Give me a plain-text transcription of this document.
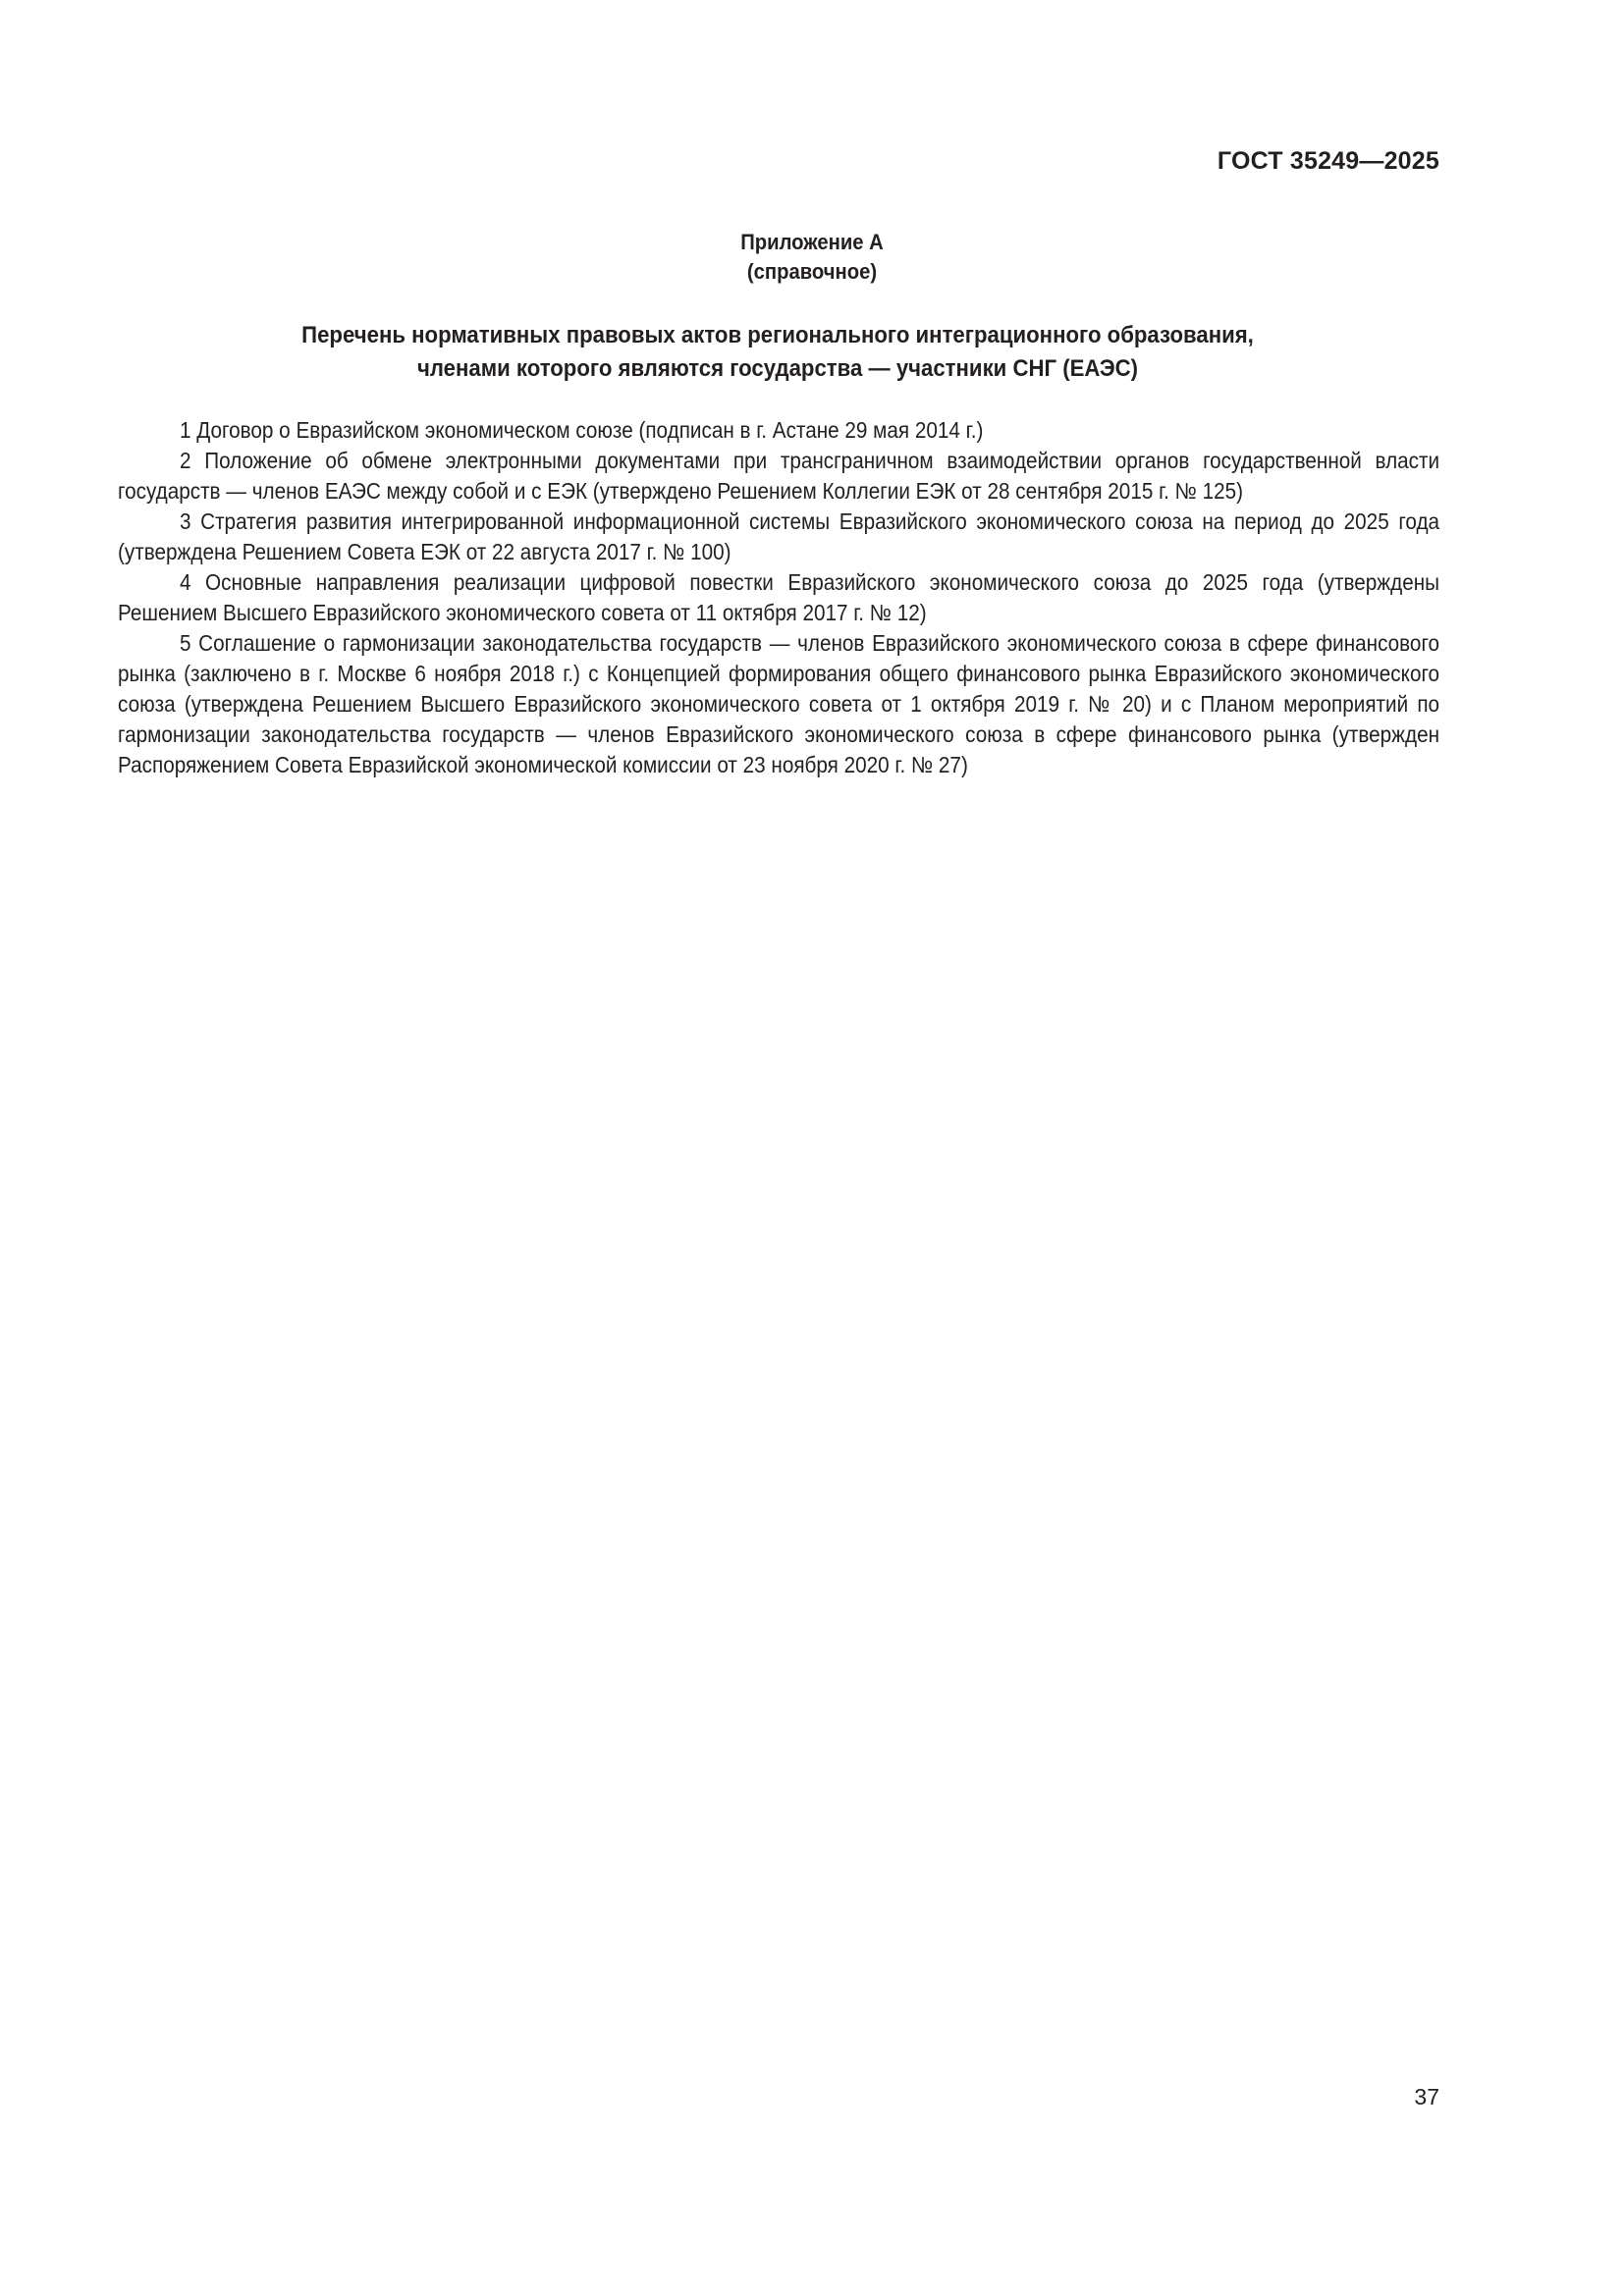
ГОСТ 35249—2025
Приложение А
(справочное)
Перечень нормативных правовых актов регионального интеграционного образования,
членами которого являются государства — участники СНГ (ЕАЭС)

1 Договор о Евразийском экономическом союзе (подписан в г. Астане 29 мая 2014 г.)

2 Положение об обмене электронными документами при трансграничном взаимодействии органов государственной власти государств — членов ЕАЭС между собой и с ЕЭК (утверждено Решением Коллегии ЕЭК от 28 сентября 2015 г. № 125)

3 Стратегия развития интегрированной информационной системы Евразийского экономического союза на период до 2025 года (утверждена Решением Совета ЕЭК от 22 августа 2017 г. № 100)

4 Основные направления реализации цифровой повестки Евразийского экономического союза до 2025 года (утверждены Решением Высшего Евразийского экономического совета от 11 октября 2017 г. № 12)

5 Соглашение о гармонизации законодательства государств — членов Евразийского экономического союза в сфере финансового рынка (заключено в г. Москве 6 ноября 2018 г.) с Концепцией формирования общего финансового рынка Евразийского экономического союза (утверждена Решением Высшего Евразийского экономического совета от 1 октября 2019 г. № 20) и с Планом мероприятий по гармонизации законодательства государств — членов Евразийского экономического союза в сфере финансового рынка (утвержден Распоряжением Совета Евразийской экономической комиссии от 23 ноября 2020 г. № 27)

37
